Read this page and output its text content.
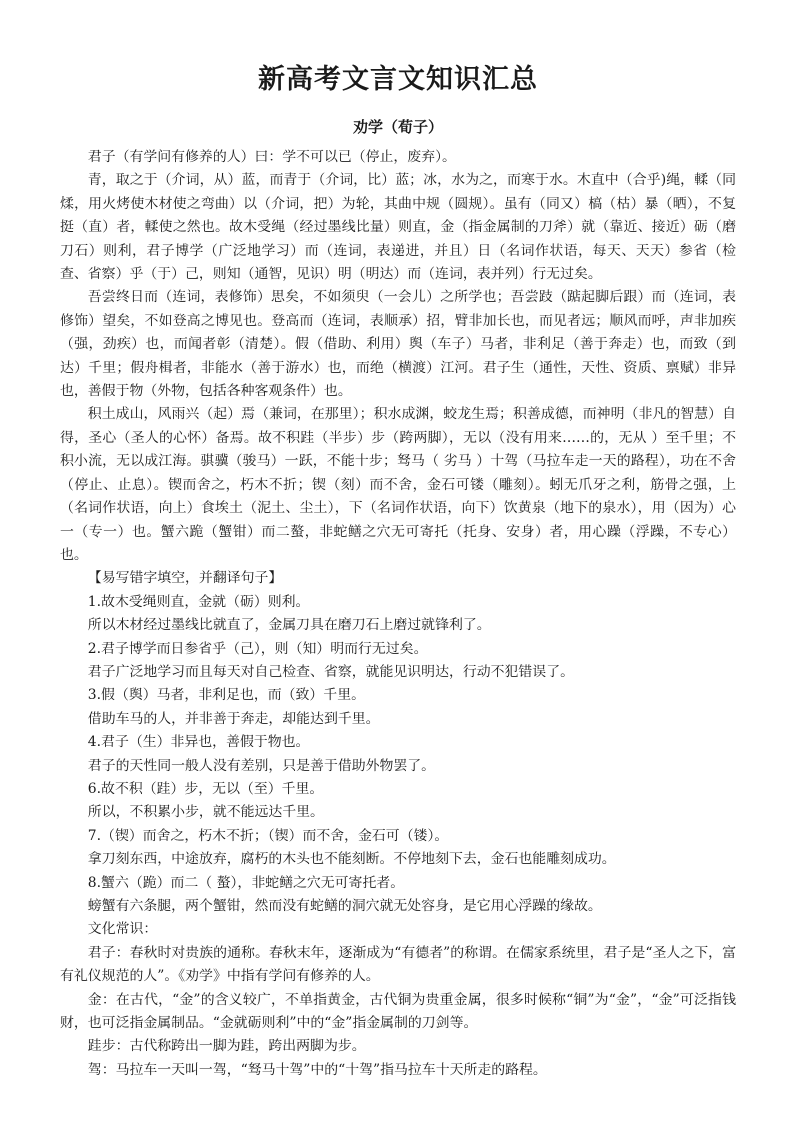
新高考文言文知识汇总
劝学（荀子）

君子（有学问有修养的人）曰：学不可以已（停止，废弃）。

青，取之于（介词，从）蓝，而青于（介词，比）蓝；冰，水为之，而寒于水。木直中（合乎)绳，輮（同煣，用火烤使木材使之弯曲）以（介词，把）为轮，其曲中规（圆规）。虽有（同又）槁（枯）暴（晒），不复挺（直）者，輮使之然也。故木受绳（经过墨线比量）则直，金（指金属制的刀斧）就（靠近、接近）砺（磨刀石）则利，君子博学（广泛地学习）而（连词，表递进，并且）日（名词作状语，每天、天天）参省（检查、省察）乎（于）己，则知（通智，见识）明（明达）而（连词，表并列）行无过矣。

吾尝终日而（连词，表修饰）思矣，不如须臾（一会儿）之所学也；吾尝跂（踮起脚后跟）而（连词，表修饰）望矣，不如登高之博见也。登高而（连词，表顺承）招，臂非加长也，而见者远；顺风而呼，声非加疾（强，劲疾）也，而闻者彰（清楚）。假（借助、利用）舆（车子）马者，非利足（善于奔走）也，而致（到达）千里；假舟楫者，非能水（善于游水）也，而绝（横渡）江河。君子生（通性，天性、资质、禀赋）非异也，善假于物（外物，包括各种客观条件）也。

积土成山，风雨兴（起）焉（兼词，在那里）；积水成渊，蛟龙生焉；积善成德，而神明（非凡的智慧）自得，圣心（圣人的心怀）备焉。故不积跬（半步）步（跨两脚），无以（没有用来……的，无从 ）至千里；不积小流，无以成江海。骐骥（骏马）一跃，不能十步；驽马（ 劣马 ）十驾（马拉车走一天的路程），功在不舍（停止、止息）。锲而舍之，朽木不折；锲（刻）而不舍，金石可镂（雕刻）。蚓无爪牙之利，筋骨之强，上（名词作状语，向上）食埃土（泥土、尘土），下（名词作状语，向下）饮黄泉（地下的泉水），用（因为）心一（专一）也。蟹六跪（蟹钳）而二螯，非蛇鳝之穴无可寄托（托身、安身）者，用心躁（浮躁，不专心）也。

【易写错字填空，并翻译句子】

1.故木受绳则直，金就（砺）则利。

所以木材经过墨线比就直了，金属刀具在磨刀石上磨过就锋利了。

2.君子博学而日参省乎（己），则（知）明而行无过矣。

君子广泛地学习而且每天对自己检查、省察，就能见识明达，行动不犯错误了。

3.假（舆）马者，非利足也，而（致）千里。

借助车马的人，并非善于奔走，却能达到千里。

4.君子（生）非异也，善假于物也。

君子的天性同一般人没有差别，只是善于借助外物罢了。

6.故不积（跬）步，无以（至）千里。

所以，不积累小步，就不能远达千里。

7.（锲）而舍之，朽木不折；（锲）而不舍，金石可（镂）。

拿刀刻东西，中途放弃，腐朽的木头也不能刻断。不停地刻下去，金石也能雕刻成功。

8.蟹六（跪）而二（ 螯），非蛇鳝之穴无可寄托者。

螃蟹有六条腿，两个蟹钳，然而没有蛇鳝的洞穴就无处容身，是它用心浮躁的缘故。

文化常识：

君子：春秋时对贵族的通称。春秋末年，逐渐成为“有德者”的称谓。在儒家系统里，君子是“圣人之下，富有礼仪规范的人”。《劝学》中指有学问有修养的人。

金：在古代，“金”的含义较广，不单指黄金，古代铜为贵重金属，很多时候称“铜”为“金”，“金”可泛指钱财，也可泛指金属制品。“金就砺则利”中的“金”指金属制的刀剑等。

跬步：古代称跨出一脚为跬，跨出两脚为步。

驾：马拉车一天叫一驾，“驽马十驾”中的“十驾”指马拉车十天所走的路程。
